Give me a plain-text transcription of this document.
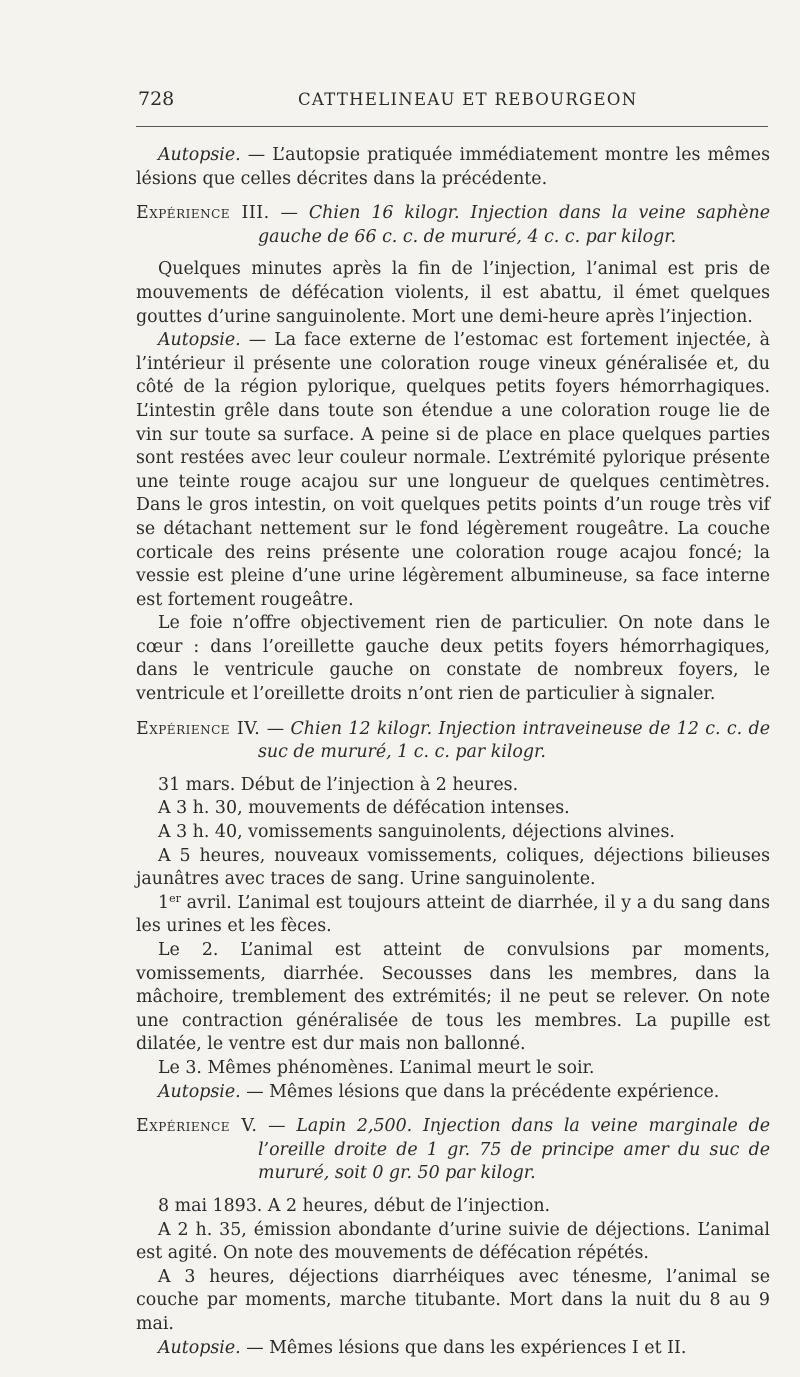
728	CATTHELINEAU ET REBOURGEON

Autopsie. — L’autopsie pratiquée immédiatement montre les mêmes lésions que celles décrites dans la précédente.

Expérience III. — Chien 16 kilogr. Injection dans la veine saphène gauche de 66 c. c. de mururé, 4 c. c. par kilogr.

Quelques minutes après la fin de l’injection, l’animal est pris de mouvements de défécation violents, il est abattu, il émet quelques gouttes d’urine sanguinolente. Mort une demi-heure après l’injection.

Autopsie. — La face externe de l’estomac est fortement injectée, à l’intérieur il présente une coloration rouge vineux généralisée et, du côté de la région pylorique, quelques petits foyers hémorrhagiques. L’intestin grêle dans toute son étendue a une coloration rouge lie de vin sur toute sa surface. A peine si de place en place quelques parties sont restées avec leur couleur normale. L’extrémité pylorique présente une teinte rouge acajou sur une longueur de quelques centimètres. Dans le gros intestin, on voit quelques petits points d’un rouge très vif se détachant nettement sur le fond légèrement rougeâtre. La couche corticale des reins présente une coloration rouge acajou foncé; la vessie est pleine d’une urine légèrement albumineuse, sa face interne est fortement rougeâtre.

Le foie n’offre objectivement rien de particulier. On note dans le cœur : dans l’oreillette gauche deux petits foyers hémorrhagiques, dans le ventricule gauche on constate de nombreux foyers, le ventricule et l’oreillette droits n’ont rien de particulier à signaler.

Expérience IV. — Chien 12 kilogr. Injection intraveineuse de 12 c. c. de suc de mururé, 1 c. c. par kilogr.

31 mars. Début de l’injection à 2 heures.

A 3 h. 30, mouvements de défécation intenses.

A 3 h. 40, vomissements sanguinolents, déjections alvines.

A 5 heures, nouveaux vomissements, coliques, déjections bilieuses jaunâtres avec traces de sang. Urine sanguinolente.

1er avril. L’animal est toujours atteint de diarrhée, il y a du sang dans les urines et les fèces.

Le 2. L’animal est atteint de convulsions par moments, vomissements, diarrhée. Secousses dans les membres, dans la mâchoire, tremblement des extrémités; il ne peut se relever. On note une contraction généralisée de tous les membres. La pupille est dilatée, le ventre est dur mais non ballonné.

Le 3. Mêmes phénomènes. L’animal meurt le soir.

Autopsie. — Mêmes lésions que dans la précédente expérience.

Expérience V. — Lapin 2,500. Injection dans la veine marginale de l’oreille droite de 1 gr. 75 de principe amer du suc de mururé, soit 0 gr. 50 par kilogr.

8 mai 1893. A 2 heures, début de l’injection.

A 2 h. 35, émission abondante d’urine suivie de déjections. L’animal est agité. On note des mouvements de défécation répétés.

A 3 heures, déjections diarrhéiques avec ténesme, l’animal se couche par moments, marche titubante. Mort dans la nuit du 8 au 9 mai.

Autopsie. — Mêmes lésions que dans les expériences I et II.
